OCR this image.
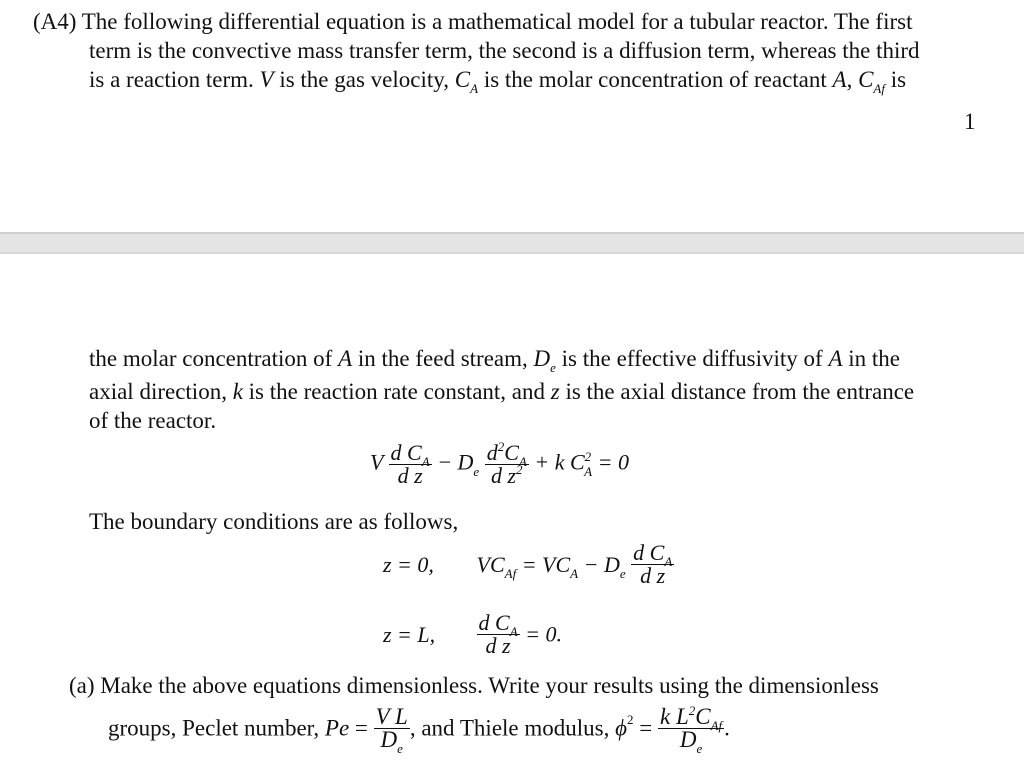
(A4) The following differential equation is a mathematical model for a tubular reactor. The first
term is the convective mass transfer term, the second is a diffusion term, whereas the third
is a reaction term. V is the gas velocity, $C_A$ is the molar concentration of reactant A, $C_{Af}$ is
1
the molar concentration of A in the feed stream, $D_e$ is the effective diffusivity of A in the
axial direction, k is the reaction rate constant, and z is the axial distance from the entrance
of the reactor.
V $\frac{d C_A}{\text{d z}} - D_e \frac{d^2C_A}{d z^2} + k$ $C^2_A = 0$
The boundary conditions are as follows,
z = 0, $VC_{Af} = VC_A - D_e \frac{d C_A}{\text{d z}}$
z = L, $\frac{d C_A}{\text{d z}} = 0$.
(a) Make the above equations dimensionless. Write your results using the dimensionless
groups, Peclet number, $Pe = \frac{\text{V L}}{D_e}$ , and Thiele modulus, $\phi^2 = \frac{k L^2C_{Af}}{D_e}$ .
